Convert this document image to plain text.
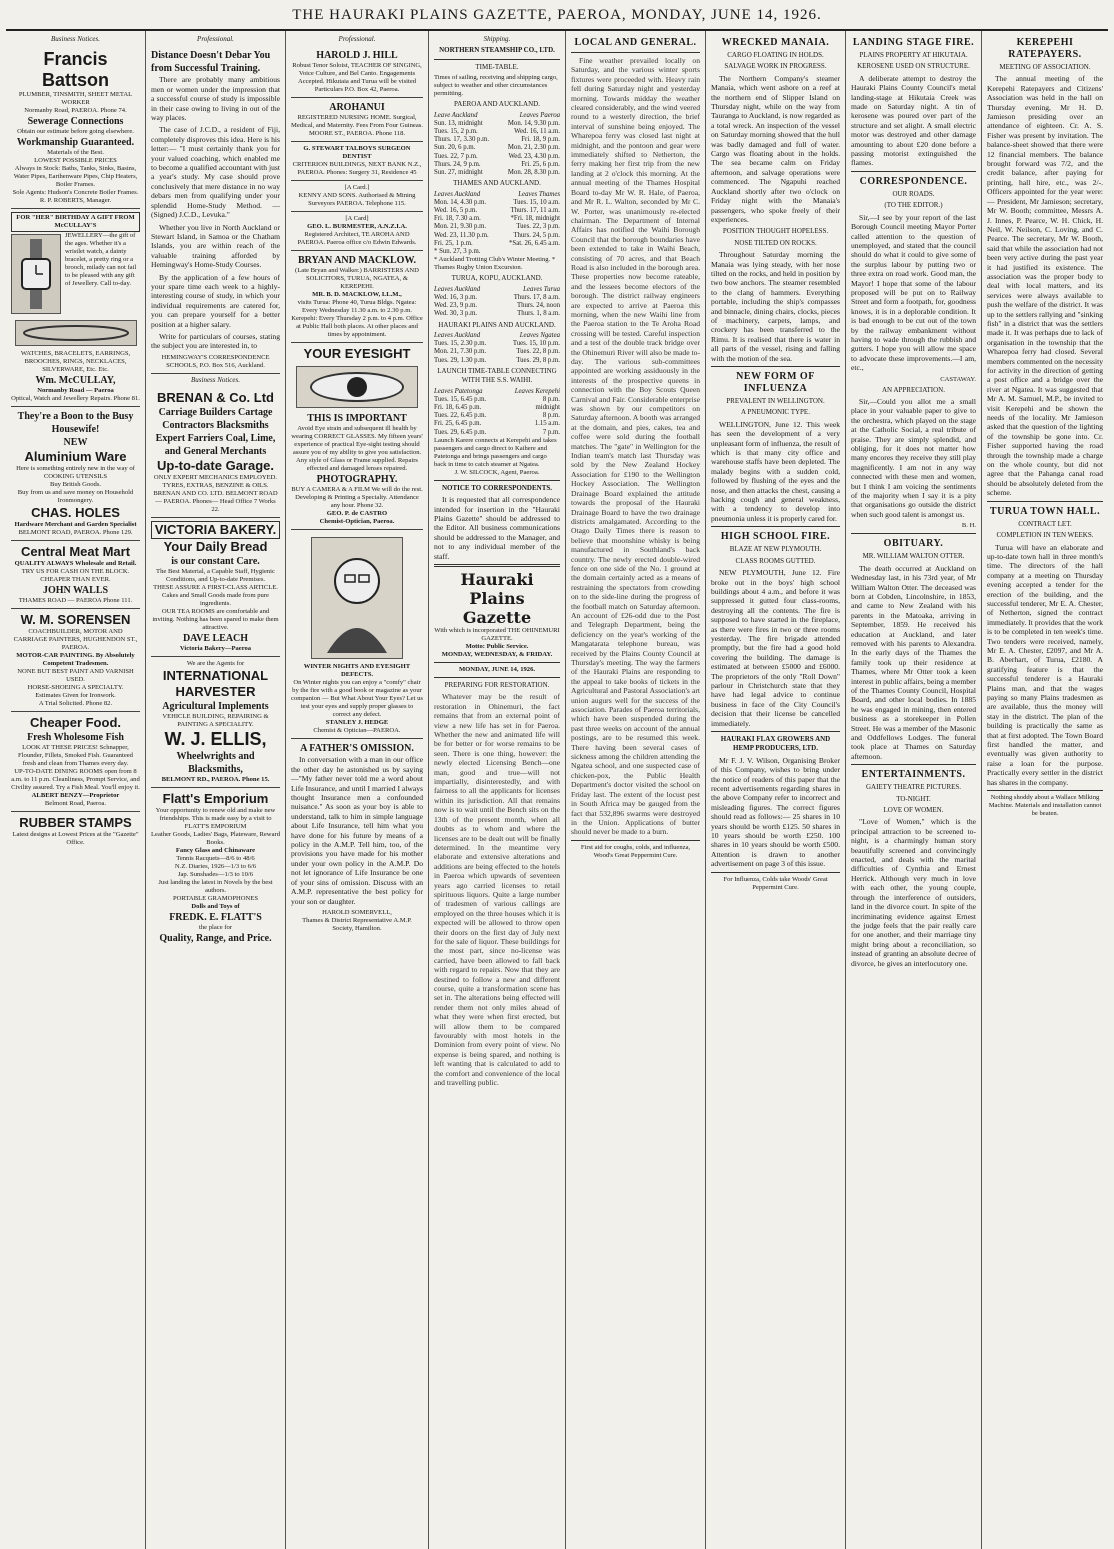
THE HAURAKI PLAINS GAZETTE, PAEROA, MONDAY, JUNE 14, 1926.
Business Notices.
Francis Battson
PLUMBER, TINSMITH, SHEET METAL WORKER
Normanby Road, PAEROA. Phone 74.
Sewerage Connections
Obtain our estimate before going elsewhere.
Workmanship Guaranteed.
Materials of the Best.
LOWEST POSSIBLE PRICES
Always in Stock: Baths, Tanks, Sinks, Basins, Water Pipes, Earthenware Pipes, Chip Heaters, Boiler Frames.
Sole Agents: Hudson's Concrete Boiler Frames.
R. P. ROBERTS, Manager.
FOR "HER" BIRTHDAY A GIFT FROM McCULLAY'S
JEWELLERY—the gift of the ages. Whether it's a wristlet watch, a dainty bracelet, a pretty ring or a brooch, milady can not fail to be pleased with any gift of Jewellery. Call to-day.
WATCHES, BRACELETS, EARRINGS, BROOCHES, RINGS, NECKLACES, SILVERWARE, Etc. Etc.
Wm. McCULLAY,
Normanby Road — Paeroa
Optical, Watch and Jewellery Repairs. Phone 81.
They're a Boon to the Busy Housewife!
NEW
Aluminium Ware
Here is something entirely new in the way of COOKING UTENSILS
Buy British Goods.
Buy from us and save money on Household Ironmongery.
CHAS. HOLES
Hardware Merchant and Garden Specialist
BELMONT ROAD, PAEROA. Phone 129.
Central Meat Mart
QUALITY ALWAYS Wholesale and Retail.
TRY US FOR CASH ON THE BLOCK. CHEAPER THAN EVER.
JOHN WALLS
THAMES ROAD — PAEROA Phone 111.
W. M. SORENSEN
COACHBUILDER, MOTOR AND CARRIAGE PAINTERS, HUGHENDON ST., PAEROA.
MOTOR-CAR PAINTING. By Absolutely Competent Tradesmen.
NONE BUT BEST PAINT AND VARNISH USED.
HORSE-SHOEING A SPECIALTY.
Estimates Given for Ironwork.
A Trial Solicited. Phone 82.
Cheaper Food.
Fresh Wholesome Fish
LOOK AT THESE PRICES! Schnapper, Flounder, Fillets, Smoked Fish. Guaranteed fresh and clean from Thames every day.
UP-TO-DATE DINING ROOMS open from 8 a.m. to 11 p.m. Cleanliness, Prompt Service, and Civility assured. Try a Fish Meal. You'll enjoy it.
ALBERT BENZY—Proprietor
Belmont Road, Paeroa.
RUBBER STAMPS
Latest designs at Lowest Prices at the "Gazette" Office.
Professional.
Distance Doesn't Debar You from Successful Training.

There are probably many ambitious men or women under the impression that a successful course of study is impossible in their case owing to living in out of the way places.

The case of J.C.D., a resident of Fiji, completely disproves this idea. Here is his letter:— "I must certainly thank you for your valued coaching, which enabled me to become a qualified accountant with just a year's study. My case should prove conclusively that mere distance in no way debars men from qualifying under your splendid Home-Study Method. —(Signed) J.C.D., Levuka."

Whether you live in North Auckland or Stewart Island, in Samoa or the Chatham Islands, you are within reach of the valuable training afforded by Hemingway's Home-Study Courses.

By the application of a few hours of your spare time each week to a highly-interesting course of study, in which your individual requirements are catered for, you can prepare yourself for a better position at a higher salary.

Write for particulars of courses, stating the subject you are interested in, to

HEMINGWAY'S CORRESPONDENCE SCHOOLS, P.O. Box 516, Auckland.
Business Notices.
BRENAN & Co. Ltd
Carriage Builders Cartage Contractors Blacksmiths Expert Farriers Coal, Lime, and General Merchants
Up-to-date Garage.
ONLY EXPERT MECHANICS EMPLOYED.
TYRES, EXTRAS, BENZINE & OILS.
BRENAN AND CO. LTD. BELMONT ROAD — PAEROA. Phones— Head Office 7 Works 22.
VICTORIA BAKERY.
Your Daily Bread
is our constant Care.
The Best Material, a Capable Staff, Hygienic Conditions, and Up-to-date Premises.
THESE ASSURE A FIRST-CLASS ARTICLE.
Cakes and Small Goods made from pure ingredients.
OUR TEA ROOMS are comfortable and inviting. Nothing has been spared to make them attractive.
DAVE LEACH
Victoria Bakery—Paeroa
We are the Agents for
INTERNATIONAL HARVESTER
Agricultural Implements
VEHICLE BUILDING, REPAIRING & PAINTING A SPECIALITY.
W. J. ELLIS,
Wheelwrights and Blacksmiths,
BELMONT RD., PAEROA. Phone 15.
Flatt's Emporium
Your opportunity to renew old and make new friendships. This is made easy by a visit to FLATT'S EMPORIUM
Leather Goods, Ladies' Bags, Plateware, Reward Books.
Fancy Glass and Chinaware
Tennis Racquets—8/6 to 48/6
N.Z. Diaries, 1926—1/3 to 6/6
Jap. Sunshades—1/3 to 10/6
Just landing the latest in Novels by the best authors.
PORTABLE GRAMOPHONES
Dolls and Toys of
FREDK. E. FLATT'S
the place for
Quality, Range, and Price.
Professional.
HAROLD J. HILL
Robust Tenor Soloist, TEACHER OF SINGING, Voice Culture, and Bel Canto. Engagements Accepted. Hikutaia and Turua will be visited Particulars P.O. Box 42, Paeroa.
AROHANUI
REGISTERED NURSING HOME. Surgical, Medical, and Maternity. Fees From Four Guineas. MOORE ST., PAEROA. Phone 118.
G. STEWART TALBOYS SURGEON DENTIST
CRITERION BUILDINGS, NEXT BANK N.Z., PAEROA. Phones: Surgery 31, Residence 45
[A Card.]
KENNY AND SONS. Authorised & Mining Surveyors PAEROA. Telephone 115.
[A Card]
GEO. L. BURMESTER, A.N.Z.I.A.
Registered Architect, TE AROHA AND PAEROA. Paeroa office c/o Edwin Edwards.
BRYAN AND MACKLOW.
(Late Bryan and Walker.) BARRISTERS AND SOLICITORS, TURUA, NGATEA, & KEREPEHI.
MR. B. D. MACKLOW, LL.M.,
visits Turua: Phone 40, Turua Bldgs. Ngatea: Every Wednesday 11.30 a.m. to 2.30 p.m. Kerepehi: Every Thursday 2 p.m. to 4 p.m. Office at Public Hall both places. At other places and times by appointment.
YOUR EYESIGHT
THIS IS IMPORTANT
Avoid Eye strain and subsequent ill health by wearing CORRECT GLASSES. My fifteen years' experience of practical Eye-sight testing should assure you of my ability to give you satisfaction.
Any style of Glass or Frame supplied. Repairs effected and damaged lenses repaired.
PHOTOGRAPHY.
BUY A CAMERA & A FILM We will do the rest. Developing & Printing a Specialty. Attendance any hour. Phone 32.
GEO. P. de CASTRO
Chemist-Optician, Paeroa.
WINTER NIGHTS AND EYESIGHT DEFECTS.
On Winter nights you can enjoy a "comfy" chair by the fire with a good book or magazine as your companion — But What About Your Eyes? Let us test your eyes and supply proper glasses to correct any defect.
STANLEY J. HEDGE
Chemist & Optician—PAEROA.
A FATHER'S OMISSION.

In conversation with a man in our office the other day he astonished us by saying—"My father never told me a word about Life Insurance, and until I married I always thought Insurance men a confounded nuisance." As soon as your boy is able to understand, talk to him in simple language about Life Insurance, tell him what you have done for his future by means of a policy in the A.M.P. Tell him, too, of the provisions you have made for his mother under your own policy in the A.M.P. Do not let ignorance of Life Insurance be one of your sins of omission. Discuss with an A.M.P. representative the best policy for your son or daughter.

HAROLD SOMERVELL,
Thames & District Representative A.M.P. Society, Hamilton.
Shipping.
NORTHERN STEAMSHIP CO., LTD.
TIME-TABLE.
Times of sailing, receiving and shipping cargo, subject to weather and other circumstances permitting.
PAEROA AND AUCKLAND.
Leave Auckland	Leaves Paeroa
Sun. 13, midnight	Mon. 14, 9.30 p.m.
Tues. 15, 2 p.m.	Wed. 16, 11 a.m.
Thurs. 17, 3.30 p.m.	Fri. 18, 9 p.m.
Sun. 20, 6 p.m.	Mon. 21, 2.30 p.m.
Tues. 22, 7 p.m.	Wed. 23, 4.30 p.m.
Thurs. 24, 9 p.m.	Fri. 25, 6 p.m.
Sun. 27, midnight	Mon. 28, 8.30 p.m.
THAMES AND AUCKLAND.
Leaves Auckland	Leaves Thames
Mon. 14, 4.30 p.m.	Tues. 15, 10 a.m.
Wed. 16, 5 p.m.	Thurs. 17, 11 a.m.
Fri. 18, 7.30 a.m.	*Fri. 18, midnight
Mon. 21, 9.30 p.m.	Tues. 22, 3 p.m.
Wed. 23, 11.30 p.m.	Thurs. 24, 5 p.m.
Fri. 25, 1 p.m.	*Sat. 26, 6.45 a.m.
* Sun. 27, 3 p.m.	
* Auckland Trotting Club's Winter Meeting. * Thames Rugby Union Excursion.
TURUA, KOPU, AUCKLAND.
Leaves Auckland	Leaves Turua
Wed. 16, 3 p.m.	Thurs. 17, 8 a.m.
Wed. 23, 9 p.m.	Thurs. 24, noon
Wed. 30, 3 p.m.	Thurs. 1, 8 a.m.
HAURAKI PLAINS AND AUCKLAND.
Leaves Auckland	Leaves Ngatea
Tues. 15, 2.30 p.m.	Tues. 15, 10 p.m.
Mon. 21, 7.30 p.m.	Tues. 22, 8 p.m.
Tues. 29, 1.30 p.m.	Tues. 29, 8 p.m.
LAUNCH TIME-TABLE CONNECTING WITH THE S.S. WAIHI.
Leaves Patetonga	Leaves Kerepehi
Tues. 15, 6.45 p.m.	8 p.m.
Fri. 18, 6.45 p.m.	midnight
Tues. 22, 6.45 p.m.	8 p.m.
Fri. 25, 6.45 p.m.	1.15 a.m.
Tues. 29, 6.45 p.m.	7 p.m.
Launch Karere connects at Kerepehi and takes passengers and cargo direct to Kaihere and Patetonga and brings passengers and cargo back in time to catch steamer at Ngatea.
J. W. SILCOCK, Agent, Paeroa.
NOTICE TO CORRESPONDENTS.

It is requested that all correspondence intended for insertion in the "Hauraki Plains Gazette" should be addressed to the Editor. All business communications should be addressed to the Manager, and not to any individual member of the staff.

Hauraki Plains Gazette
With which is incorporated THE OHINEMURI GAZETTE.
Motto: Public Service.
MONDAY, WEDNESDAY, & FRIDAY.
MONDAY, JUNE 14, 1926.
PREPARING FOR RESTORATION.

Whatever may be the result of restoration in Ohinemuri, the fact remains that from an external point of view a new life has set in for Paeroa. Whether the new and animated life will be for better or for worse remains to be seen. There is one thing, however: the newly elected Licensing Bench—one man, good and true—will not impartially, disinterestedly, and with fairness to all the applicants for licenses within its jurisdiction. All that remains now is to wait until the Bench sits on the 13th of the present month, when all doubts as to whom and where the licenses are to be dealt out will be finally determined. In the meantime very elaborate and extensive alterations and additions are being effected to the hotels in Paeroa which upwards of seventeen years ago carried licenses to retail spirituous liquors. Quite a large number of tradesmen of various callings are employed on the three houses which it is expected will be allowed to throw open their doors on the first day of July next for the sale of liquor. These buildings for the most part, since no-license was carried, have been allowed to fall back with regard to repairs. Now that they are destined to follow a new and different course, quite a transformation scene has set in. The alterations being effected will render them not only miles ahead of what they were when first erected, but will allow them to be compared favourably with most hotels in the Dominion from every point of view. No expense is being spared, and nothing is left wanting that is calculated to add to the comfort and convenience of the local and travelling public.

LOCAL AND GENERAL.

Fine weather prevailed locally on Saturday, and the various winter sports fixtures were proceeded with. Heavy rain fell during Saturday night and yesterday morning. Towards midday the weather cleared considerably, and the wind veered round to a westerly direction, the brief interval of sunshine being enjoyed. The Wharepoa ferry was closed last night at midnight, and the pontoon and gear were immediately shifted to Netherton, the ferry making her first trip from the new landing at 2 o'clock this morning. At the annual meeting of the Thames Hospital Board to-day Mr W. R. Hale, of Paeroa, and Mr R. L. Walton, seconded by Mr C. W. Porter, was unanimously re-elected chairman. The Department of Internal Affairs has notified the Waihi Borough Council that the borough boundaries have been extended to take in Waihi Beach, consisting of 70 acres, and that Beach Road is also included in the borough area. These properties now become rateable, and the lessees become electors of the borough. The district railway engineers are expected to arrive at Paeroa this morning, when the new Waihi line from the Paeroa station to the Te Aroha Road crossing will be tested. Careful inspection and a test of the double track bridge over the Ohinemuri River will also be made to-day. The various sub-committees appointed are working assiduously in the interests of the prospective queens in connection with the Boy Scouts Queen Carnival and Fair. Considerable enterprise was shown by our competitors on Saturday afternoon. A booth was arranged at the domain, and pies, cakes, tea and coffee were sold during the football matches. The "gate" in Wellington for the Indian team's match last Thursday was sold by the New Zealand Hockey Association for £190 to the Wellington Hockey Association. The Wellington Drainage Board explained the attitude towards the proposal of the Hauraki Drainage Board to have the two drainage districts amalgamated. According to the Otago Daily Times there is reason to believe that moonshine whisky is being manufactured in Southland's back country. The newly erected double-wired fence on one side of the No. 1 ground at the domain certainly acted as a means of restraining the spectators from crowding on to the side-line during the progress of the football match on Saturday afternoon. An account of £26-odd due to the Post and Telegraph Department, being the deficiency on the year's working of the Mangatarata telephone bureau, was received by the Plains County Council at Thursday's meeting. The way the farmers of the Hauraki Plains are responding to the appeal to take books of tickets in the Agricultural and Pastoral Association's art union augurs well for the success of the association. Parades of Paeroa territorials, which have been suspended during the past three weeks on account of the annual postings, are to be resumed this week. There having been several cases of sickness among the children attending the Ngatea school, and one suspected case of chicken-pox, the Public Health Department's doctor visited the school on Friday last. The extent of the locust pest in South Africa may be gauged from the fact that 532,896 swarms were destroyed in the Union. Applications of butter should never be made to a burn.

First aid for coughs, colds, and influenza, Wood's Great Peppermint Cure.
WRECKED MANAIA.
CARGO FLOATING IN HOLDS.
SALVAGE WORK IN PROGRESS.

The Northern Company's steamer Manaia, which went ashore on a reef at the northern end of Slipper Island on Thursday night, while on the way from Tauranga to Auckland, is now regarded as a total wreck. An inspection of the vessel on Saturday morning showed that the hull was badly damaged and full of water. Cargo was floating about in the holds. The sea became calm on Friday afternoon, and salvage operations were commenced. The Ngapuhi reached Auckland shortly after two o'clock on Friday night with the Manaia's passengers, who spoke freely of their experiences.

POSITION THOUGHT HOPELESS.
NOSE TILTED ON ROCKS.

Throughout Saturday morning the Manaia was lying steady, with her nose tilted on the rocks, and held in position by two bow anchors. The steamer resembled to the clang of hammers. Everything portable, including the ship's compasses and binnacle, dining chairs, clocks, pieces of machinery, carpets, lamps, and crockery has been transferred to the Rimu. It is realised that there is water in all parts of the vessel, rising and falling with the motion of the sea.

NEW FORM OF INFLUENZA
PREVALENT IN WELLINGTON.
A PNEUMONIC TYPE.

WELLINGTON, June 12. This week has seen the development of a very unpleasant form of influenza, the result of which is that many city office and warehouse staffs have been depleted. The malady begins with a sudden cold, followed by flushing of the eyes and the nose, and then attacks the chest, causing a hacking cough and general weakness, with a tendency to develop into pneumonia unless it is properly cared for.

HIGH SCHOOL FIRE.
BLAZE AT NEW PLYMOUTH.
CLASS ROOMS GUTTED.

NEW PLYMOUTH, June 12. Fire broke out in the boys' high school buildings about 4 a.m., and before it was suppressed it gutted four class-rooms, destroying all the contents. The fire is supposed to have started in the fireplace, as there were fires in two or three rooms yesterday. The fire brigade attended promptly, but the fire had a good hold covering the building. The damage is estimated at between £5000 and £6000. The proprietors of the only "Roll Down" parlour in Christchurch state that they have had legal advice to continue business in face of the City Council's decision that their license be cancelled immediately.

HAURAKI FLAX GROWERS AND HEMP PRODUCERS, LTD.

Mr F. J. V. Wilson, Organising Broker of this Company, wishes to bring under the notice of readers of this paper that the recent advertisements regarding shares in the above Company refer to incorrect and misleading figures. The correct figures should read as follows:— 25 shares in 10 years should be worth £125. 50 shares in 10 years should be worth £250. 100 shares in 10 years should be worth £500. Attention is drawn to another advertisement on page 3 of this issue.

For Influenza, Colds take Woods' Great Peppermint Cure.
LANDING STAGE FIRE.
PLAINS PROPERTY AT HIKUTAIA.
KEROSENE USED ON STRUCTURE.

A deliberate attempt to destroy the Hauraki Plains County Council's metal landing-stage at Hikutaia Creek was made on Saturday night. A tin of kerosene was poured over part of the structure and set alight. A small electric motor was destroyed and other damage amounting to about £20 done before a passing motorist extinguished the flames.

CORRESPONDENCE.
OUR ROADS.
(TO THE EDITOR.)

Sir,—I see by your report of the last Borough Council meeting Mayor Porter called attention to the question of unemployed, and stated that the council should do what it could to give some of the surplus labour by putting two or three extra on road work. Good man, the Mayor! I hope that some of the labour proposed will be put on to Railway Street and form a footpath, for, goodness knows, it is in a deplorable condition. It is bad enough to be cut out of the town by the railway embankment without having to wade through the rubbish and gutters. I hope you will allow me space to advocate these improvements.—I am, etc.,

CASTAWAY.
AN APPRECIATION.

Sir,—Could you allot me a small place in your valuable paper to give to the orchestra, which played on the stage at the Catholic Social, a real tribute of praise. They are simply splendid, and obliging, for it does not matter how many encores they receive they still play magnificently. I am not in any way connected with these men and women, but I think I am voicing the sentiments of the majority when I say it is a pity that organisations go outside the district when such good talent is amongst us.

B. H.
OBITUARY.
MR. WILLIAM WALTON OTTER.

The death occurred at Auckland on Wednesday last, in his 73rd year, of Mr William Walton Otter. The deceased was born at Cobden, Lincolnshire, in 1853, and came to New Zealand with his parents in the Matoaka, arriving in September, 1859. He received his education at Auckland, and later removed with his parents to Alexandra. In the early days of the Thames the family took up their residence at Thames, where Mr Otter took a keen interest in public affairs, being a member of the Thames County Council, Hospital Board, and other local bodies. In 1885 he was engaged in mining, then entered business as a storekeeper in Pollen Street. He was a member of the Masonic and Oddfellows Lodges. The funeral took place at Thames on Saturday afternoon.

ENTERTAINMENTS.
GAIETY THEATRE PICTURES.
TO-NIGHT.
LOVE OF WOMEN.

"Love of Women," which is the principal attraction to be screened to-night, is a charmingly human story beautifully screened and convincingly enacted, and deals with the marital difficulties of Cynthia and Ernest Herrick. Although very much in love with each other, the young couple, through the interference of outsiders, land in the divorce court. In spite of the incriminating evidence against Ernest the judge feels that the pair really care for one another, and their marriage tiny might bring about a reconciliation, so instead of granting an absolute decree of divorce, he gives an interlocutory one.

KEREPEHI RATEPAYERS.
MEETING OF ASSOCIATION.

The annual meeting of the Kerepehi Ratepayers and Citizens' Association was held in the hall on Thursday evening, Mr H. D. Jamieson presiding over an attendance of eighteen. Cr. A. S. Fisher was present by invitation. The balance-sheet showed that there were 12 financial members. The balance brought forward was 7/2, and the credit balance, after paying for printing, hall hire, etc., was 2/-. Officers appointed for the year were:— President, Mr Jamieson; secretary, Mr W. Booth; committee, Messrs A. J. Innes, P. Pearce, W. H. Chick, H. Neil, W. Neilson, C. Loving, and C. Pearce. The secretary, Mr W. Booth, said that while the association had not been very active during the past year it had justified its existence. The association was the proper body to deal with local matters, and its services were always available to push the welfare of the district. It was up to the settlers rallying and "sinking fish" in a district that was the settlers made it. It was perhaps due to lack of organisation in the township that the Wharepoa ferry had closed. Several members commented on the necessity for activity in the direction of getting a post office and a bridge over the river at Ngatea. It was suggested that Mr A. M. Samuel, M.P., be invited to visit Kerepehi and be shown the needs of the locality. Mr Jamieson asked that the question of the lighting of the township be gone into. Cr. Fisher supported having the road through the township made a charge on the whole county, but did not agree that the Pahanga canal road should be absolutely deleted from the scheme.

TURUA TOWN HALL.
CONTRACT LET.
COMPLETION IN TEN WEEKS.

Turua will have an elaborate and up-to-date town hall in three month's time. The directors of the hall company at a meeting on Thursday evening accepted a tender for the erection of the building, and the successful tenderer, Mr E. A. Chester, of Netherton, signed the contract immediately. It provides that the work is to be completed in ten week's time. Two tenders were received, namely, Mr E. A. Chester, £2097, and Mr A. B. Aberhart, of Turua, £2180. A gratifying feature is that the successful tenderer is a Hauraki Plains man, and that the wages paying so many Plains tradesmen as are available, thus the money will stay in the district. The plan of the building is practically the same as that at first adopted. The Town Board first handled the matter, and eventually was given authority to raise a loan for the purpose. Practically every settler in the district has shares in the company.

Nothing shoddy about a Wallace Milking Machine. Materials and installation cannot be beaten.
